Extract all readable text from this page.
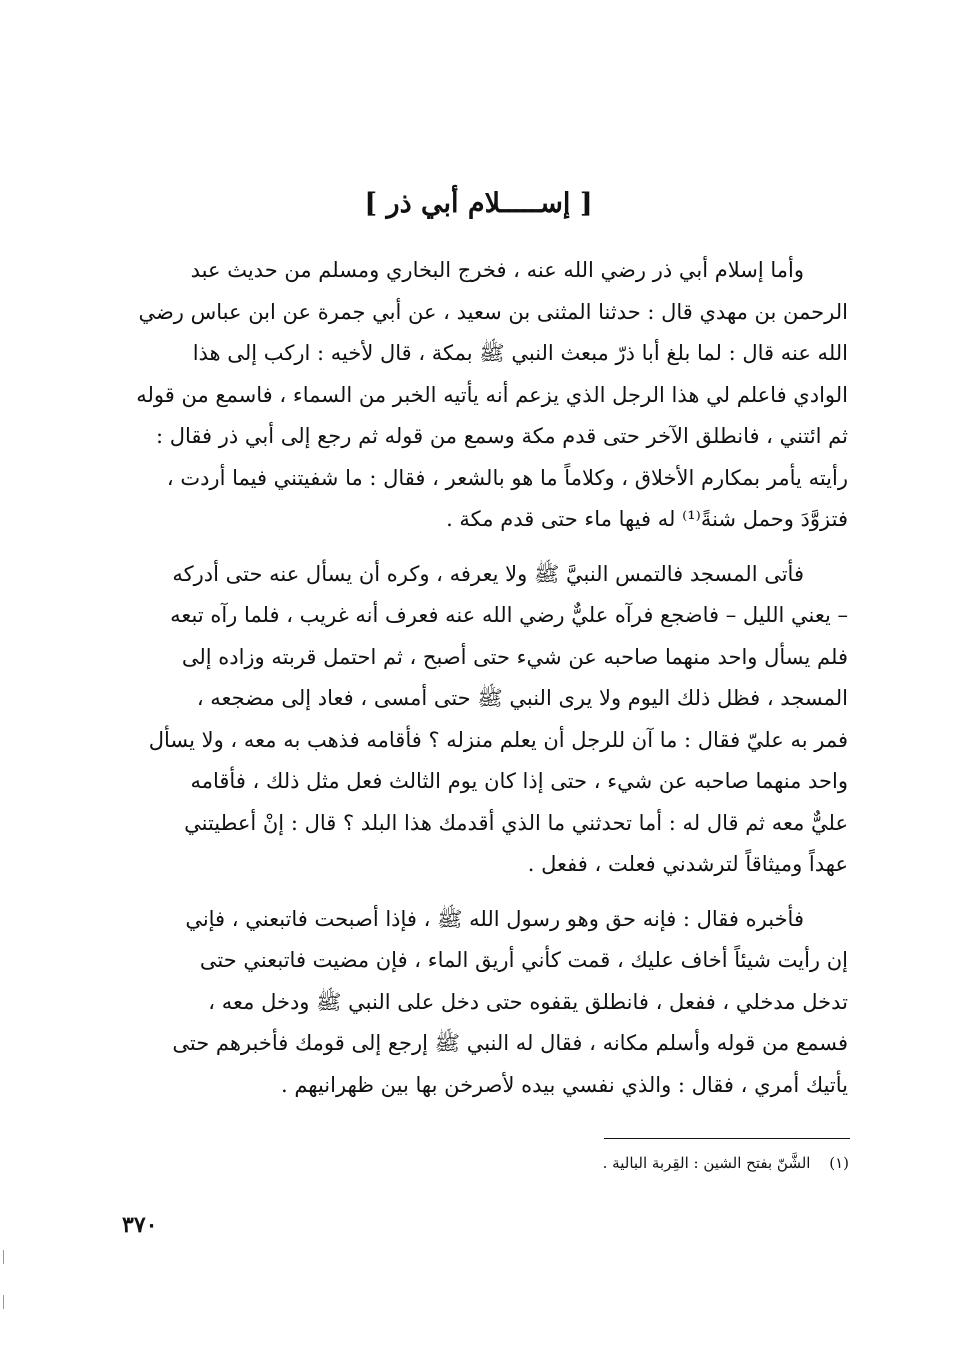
[ إســـــلام أبي ذر ]
وأما إسلام أبي ذر رضي الله عنه ، فخرج البخاري ومسلم من حديث عبد
الرحمن بن مهدي قال : حدثنا المثنى بن سعيد ، عن أبي جمرة عن ابن عباس رضي
الله عنه قال : لما بلغ أبا ذرّ مبعث النبي ﷺ بمكة ، قال لأخيه : اركب إلى هذا
الوادي فاعلم لي هذا الرجل الذي يزعم أنه يأتيه الخبر من السماء ، فاسمع من قوله
ثم ائتني ، فانطلق الآخر حتى قدم مكة وسمع من قوله ثم رجع إلى أبي ذر فقال :
رأيته يأمر بمكارم الأخلاق ، وكلاماً ما هو بالشعر ، فقال : ما شفيتني فيما أردت ،
فتزوَّدَ وحمل شنةً⁽¹⁾ له فيها ماء حتى قدم مكة .
فأتى المسجد فالتمس النبيَّ ﷺ ولا يعرفه ، وكره أن يسأل عنه حتى أدركه
– يعني الليل – فاضجع فرآه عليٌّ رضي الله عنه فعرف أنه غريب ، فلما رآه تبعه
فلم يسأل واحد منهما صاحبه عن شيء حتى أصبح ، ثم احتمل قربته وزاده إلى
المسجد ، فظل ذلك اليوم ولا يرى النبي ﷺ حتى أمسى ، فعاد إلى مضجعه ،
فمر به عليّ فقال : ما آن للرجل أن يعلم منزله ؟ فأقامه فذهب به معه ، ولا يسأل
واحد منهما صاحبه عن شيء ، حتى إذا كان يوم الثالث فعل مثل ذلك ، فأقامه
عليٌّ معه ثم قال له : أما تحدثني ما الذي أقدمك هذا البلد ؟ قال : إنْ أعطيتني
عهداً وميثاقاً لترشدني فعلت ، ففعل .
فأخبره فقال : فإنه حق وهو رسول الله ﷺ ، فإذا أصبحت فاتبعني ، فإني
إن رأيت شيئاً أخاف عليك ، قمت كأني أريق الماء ، فإن مضيت فاتبعني حتى
تدخل مدخلي ، ففعل ، فانطلق يقفوه حتى دخل على النبي ﷺ ودخل معه ،
فسمع من قوله وأسلم مكانه ، فقال له النبي ﷺ إرجع إلى قومك فأخبرهم حتى
يأتيك أمري ، فقال : والذي نفسي بيده لأصرخن بها بين ظهرانيهم .
(١) الشَّنّ بفتح الشين : القِربة البالية .
٣٧٠
